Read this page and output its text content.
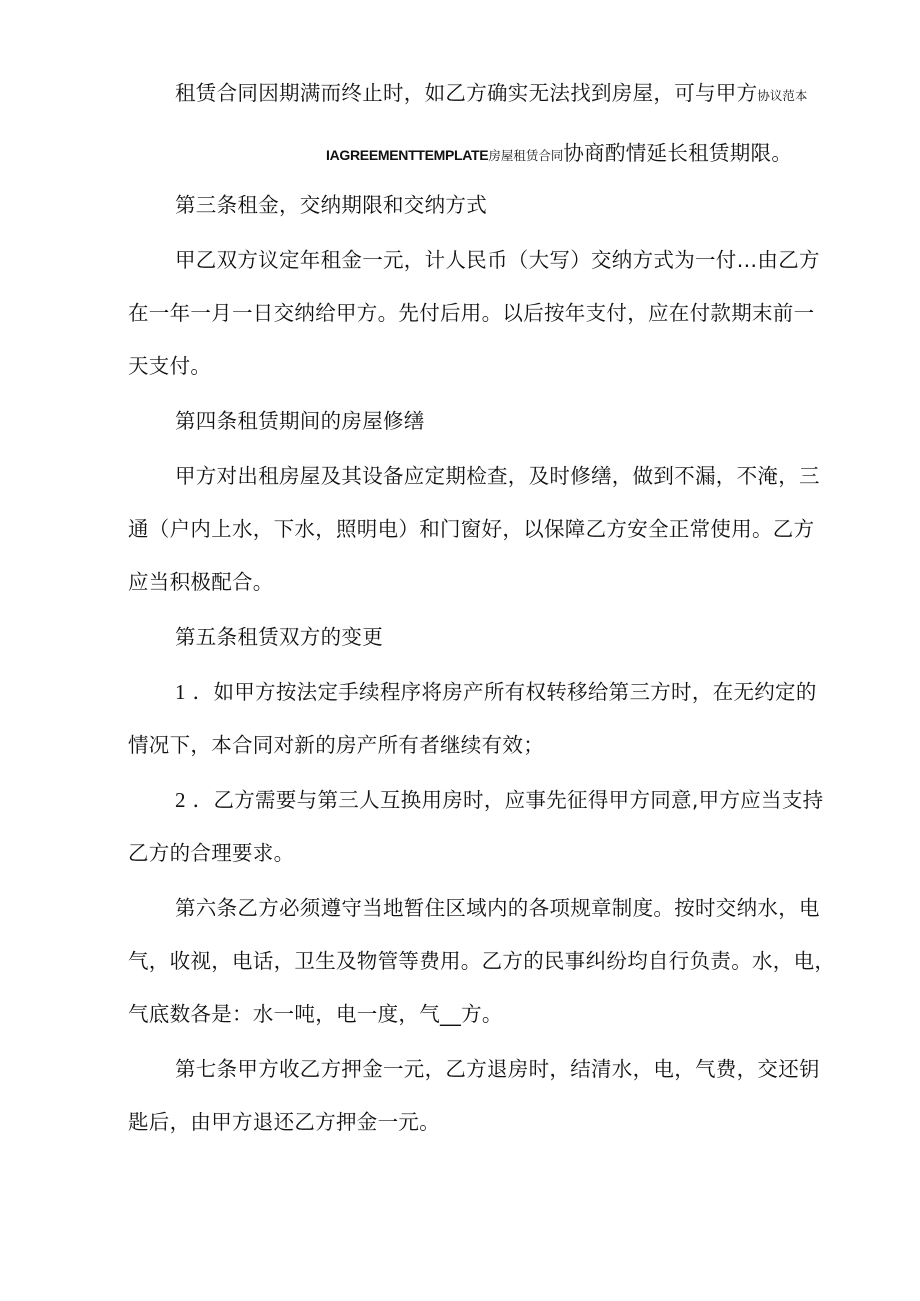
租赁合同因期满而终止时，如乙方确实无法找到房屋，可与甲方协议范本
IAGREEMENTTEMPLATE房屋租赁合同协商酌情延长租赁期限。
第三条租金，交纳期限和交纳方式
甲乙双方议定年租金一元，计人民币（大写）交纳方式为一付…由乙方
在一年一月一日交纳给甲方。先付后用。以后按年支付，应在付款期末前一
天支付。
第四条租赁期间的房屋修缮
甲方对出租房屋及其设备应定期检查，及时修缮，做到不漏，不淹，三
通（户内上水，下水，照明电）和门窗好，以保障乙方安全正常使用。乙方
应当积极配合。
第五条租赁双方的变更
1 ．如甲方按法定手续程序将房产所有权转移给第三方时，在无约定的
情况下，本合同对新的房产所有者继续有效；
2 ．乙方需要与第三人互换用房时，应事先征得甲方同意,甲方应当支持
乙方的合理要求。
第六条乙方必须遵守当地暂住区域内的各项规章制度。按时交纳水，电
气，收视，电话，卫生及物管等费用。乙方的民事纠纷均自行负责。水，电，
气底数各是：水一吨，电一度，气__方。
第七条甲方收乙方押金一元，乙方退房时，结清水，电，气费，交还钥
匙后，由甲方退还乙方押金一元。
